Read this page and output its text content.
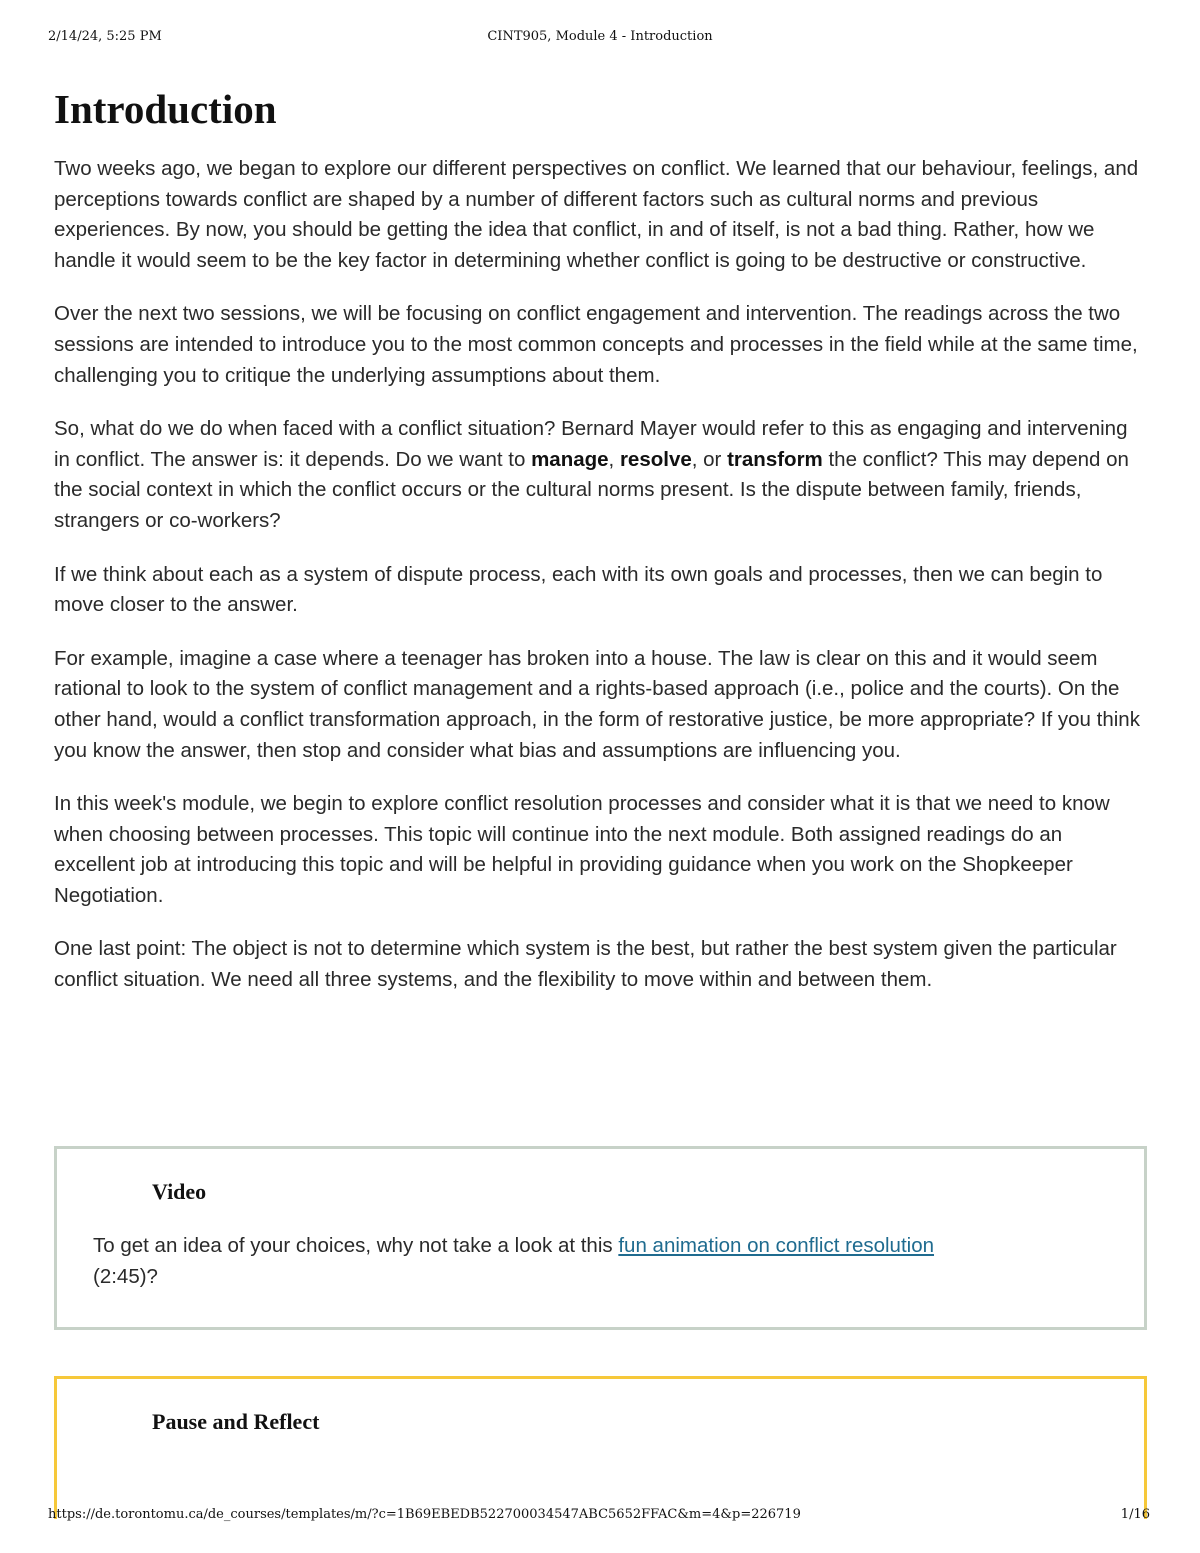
2/14/24, 5:25 PM	CINT905, Module 4 - Introduction
Introduction

Two weeks ago, we began to explore our different perspectives on conflict. We learned that our behaviour, feelings, and perceptions towards conflict are shaped by a number of different factors such as cultural norms and previous experiences. By now, you should be getting the idea that conflict, in and of itself, is not a bad thing. Rather, how we handle it would seem to be the key factor in determining whether conflict is going to be destructive or constructive.

Over the next two sessions, we will be focusing on conflict engagement and intervention. The readings across the two sessions are intended to introduce you to the most common concepts and processes in the field while at the same time, challenging you to critique the underlying assumptions about them.

So, what do we do when faced with a conflict situation? Bernard Mayer would refer to this as engaging and intervening in conflict. The answer is: it depends. Do we want to manage, resolve, or transform the conflict? This may depend on the social context in which the conflict occurs or the cultural norms present. Is the dispute between family, friends, strangers or co-workers?

If we think about each as a system of dispute process, each with its own goals and processes, then we can begin to move closer to the answer.

For example, imagine a case where a teenager has broken into a house. The law is clear on this and it would seem rational to look to the system of conflict management and a rights-based approach (i.e., police and the courts). On the other hand, would a conflict transformation approach, in the form of restorative justice, be more appropriate? If you think you know the answer, then stop and consider what bias and assumptions are influencing you.

In this week's module, we begin to explore conflict resolution processes and consider what it is that we need to know when choosing between processes. This topic will continue into the next module. Both assigned readings do an excellent job at introducing this topic and will be helpful in providing guidance when you work on the Shopkeeper Negotiation.

One last point: The object is not to determine which system is the best, but rather the best system given the particular conflict situation. We need all three systems, and the flexibility to move within and between them.

Video
To get an idea of your choices, why not take a look at this fun animation on conflict resolution (2:45)?
Pause and Reflect
https://de.torontomu.ca/de_courses/templates/m/?c=1B69EBEDB522700034547ABC5652FFAC&m=4&p=226719	1/16
